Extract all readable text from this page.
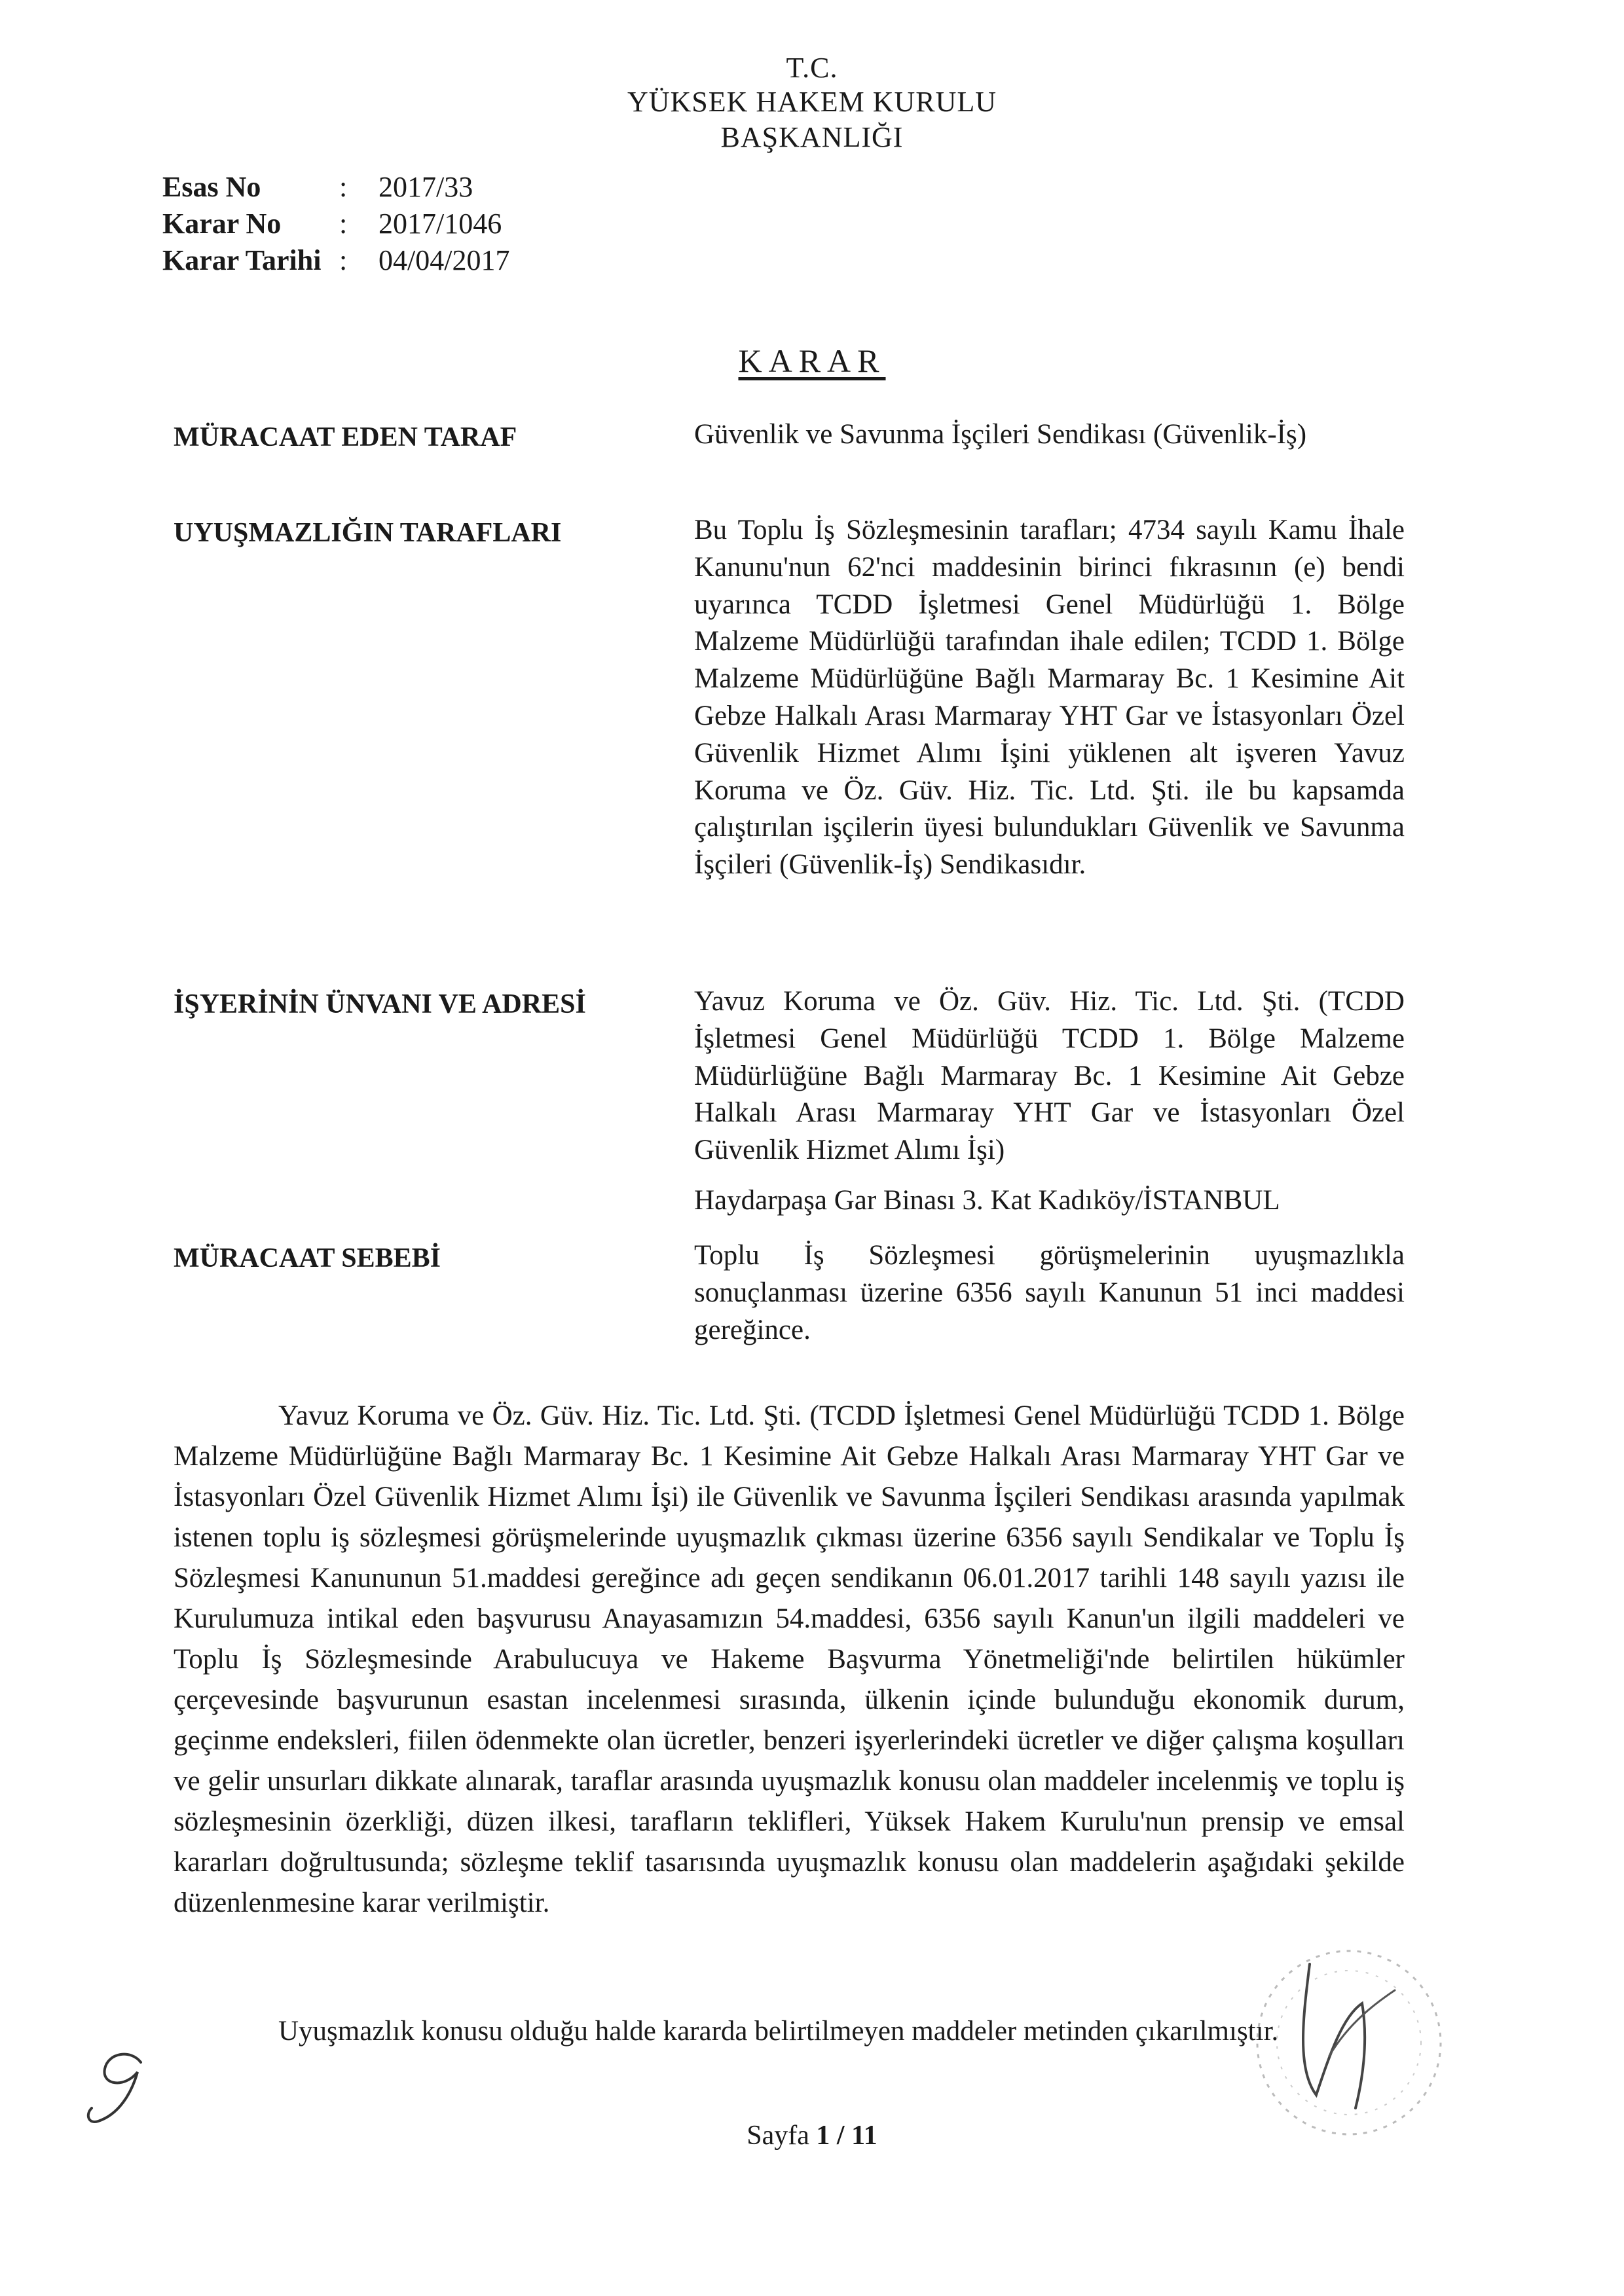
T.C.
YÜKSEK HAKEM KURULU
BAŞKANLIĞI
Esas No	:	2017/33
Karar No	:	2017/1046
Karar Tarihi :	04/04/2017
KARAR
MÜRACAAT EDEN TARAF	Güvenlik ve Savunma İşçileri Sendikası (Güvenlik-İş)
UYUŞMAZLIĞIN TARAFLARI	Bu Toplu İş Sözleşmesinin tarafları; 4734 sayılı Kamu İhale Kanunu'nun 62'nci maddesinin birinci fıkrasının (e) bendi uyarınca TCDD İşletmesi Genel Müdürlüğü 1. Bölge Malzeme Müdürlüğü tarafından ihale edilen; TCDD 1. Bölge Malzeme Müdürlüğüne Bağlı Marmaray Bc. 1 Kesimine Ait Gebze Halkalı Arası Marmaray YHT Gar ve İstasyonları Özel Güvenlik Hizmet Alımı İşini yüklenen alt işveren Yavuz Koruma ve Öz. Güv. Hiz. Tic. Ltd. Şti. ile bu kapsamda çalıştırılan işçilerin üyesi bulundukları Güvenlik ve Savunma İşçileri (Güvenlik-İş) Sendikasıdır.
İŞYERİNİN ÜNVANI VE ADRESİ	Yavuz Koruma ve Öz. Güv. Hiz. Tic. Ltd. Şti. (TCDD İşletmesi Genel Müdürlüğü TCDD 1. Bölge Malzeme Müdürlüğüne Bağlı Marmaray Bc. 1 Kesimine Ait Gebze Halkalı Arası Marmaray YHT Gar ve İstasyonları Özel Güvenlik Hizmet Alımı İşi)
Haydarpaşa Gar Binası 3. Kat Kadıköy/İSTANBUL
MÜRACAAT SEBEBİ	Toplu İş Sözleşmesi görüşmelerinin uyuşmazlıkla sonuçlanması üzerine 6356 sayılı Kanunun 51 inci maddesi gereğince.
Yavuz Koruma ve Öz. Güv. Hiz. Tic. Ltd. Şti. (TCDD İşletmesi Genel Müdürlüğü TCDD 1. Bölge Malzeme Müdürlüğüne Bağlı Marmaray Bc. 1 Kesimine Ait Gebze Halkalı Arası Marmaray YHT Gar ve İstasyonları Özel Güvenlik Hizmet Alımı İşi) ile Güvenlik ve Savunma İşçileri Sendikası arasında yapılmak istenen toplu iş sözleşmesi görüşmelerinde uyuşmazlık çıkması üzerine 6356 sayılı Sendikalar ve Toplu İş Sözleşmesi Kanununun 51.maddesi gereğince adı geçen sendikanın 06.01.2017 tarihli 148 sayılı yazısı ile Kurulumuza intikal eden başvurusu Anayasamızın 54.maddesi, 6356 sayılı Kanun'un ilgili maddeleri ve Toplu İş Sözleşmesinde Arabulucuya ve Hakeme Başvurma Yönetmeliği'nde belirtilen hükümler çerçevesinde başvurunun esastan incelenmesi sırasında, ülkenin içinde bulunduğu ekonomik durum, geçinme endeksleri, fiilen ödenmekte olan ücretler, benzeri işyerlerindeki ücretler ve diğer çalışma koşulları ve gelir unsurları dikkate alınarak, taraflar arasında uyuşmazlık konusu olan maddeler incelenmiş ve toplu iş sözleşmesinin özerkliği, düzen ilkesi, tarafların teklifleri, Yüksek Hakem Kurulu'nun prensip ve emsal kararları doğrultusunda; sözleşme teklif tasarısında uyuşmazlık konusu olan maddelerin aşağıdaki şekilde düzenlenmesine karar verilmiştir.
Uyuşmazlık konusu olduğu halde kararda belirtilmeyen maddeler metinden çıkarılmıştır.
Sayfa 1 / 11
